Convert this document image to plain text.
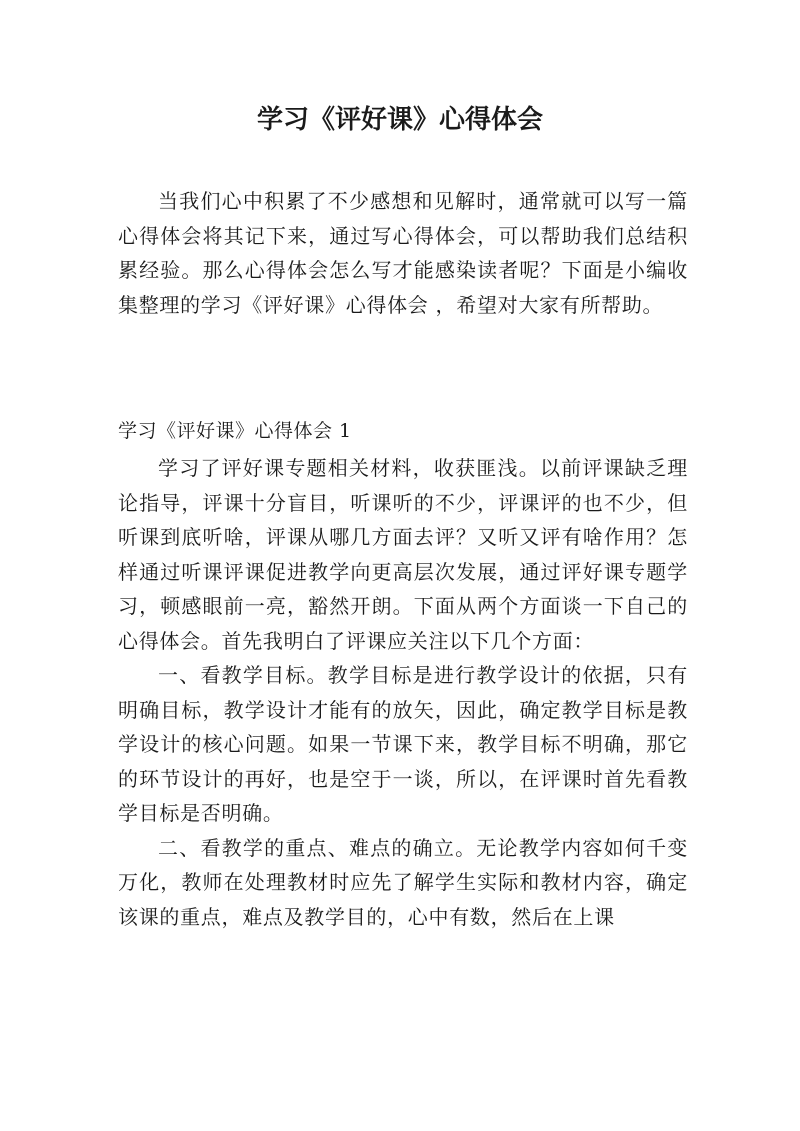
学习《评好课》心得体会

当我们心中积累了不少感想和见解时，通常就可以写一篇心得体会将其记下来，通过写心得体会，可以帮助我们总结积累经验。那么心得体会怎么写才能感染读者呢？下面是小编收集整理的学习《评好课》心得体会 ，希望对大家有所帮助。

学习《评好课》心得体会 1

学习了评好课专题相关材料，收获匪浅。以前评课缺乏理论指导，评课十分盲目，听课听的不少，评课评的也不少，但听课到底听啥，评课从哪几方面去评？又听又评有啥作用？怎样通过听课评课促进教学向更高层次发展，通过评好课专题学习，顿感眼前一亮，豁然开朗。下面从两个方面谈一下自己的心得体会。首先我明白了评课应关注以下几个方面：

一、看教学目标。教学目标是进行教学设计的依据，只有明确目标，教学设计才能有的放矢，因此，确定教学目标是教学设计的核心问题。如果一节课下来，教学目标不明确，那它的环节设计的再好，也是空于一谈，所以，在评课时首先看教学目标是否明确。

二、看教学的重点、难点的确立。无论教学内容如何千变万化，教师在处理教材时应先了解学生实际和教材内容，确定该课的重点，难点及教学目的，心中有数，然后在上课
